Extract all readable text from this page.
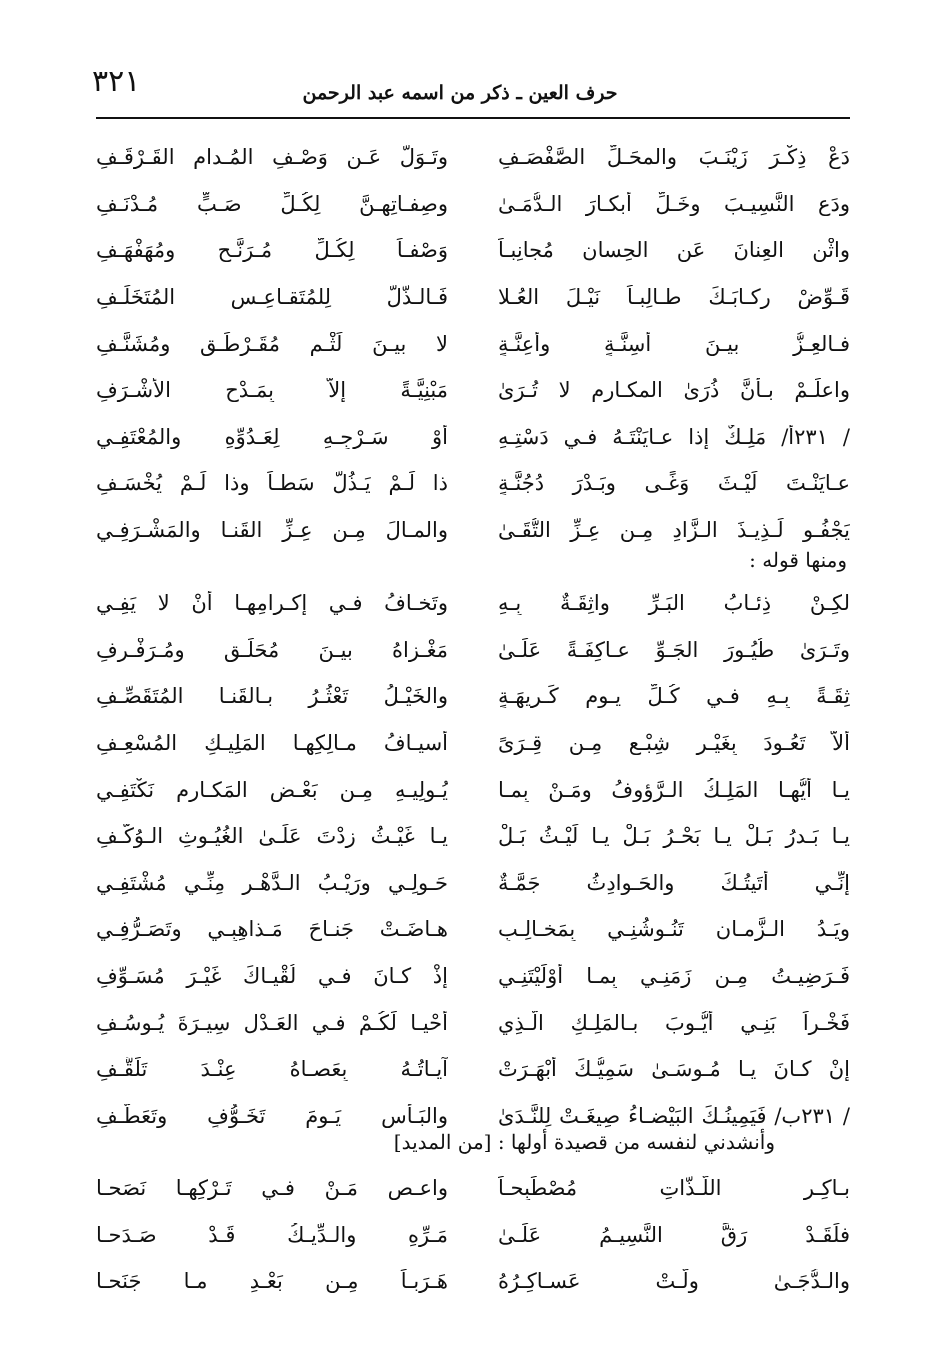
٣٢١	حرف العين ـ ذكر من اسمه عبد الرحمن
دَعْ ذِكْـرَ زَيْنَـبَ والمحَـلِّ الصَّفْصَـفِ
وتَـوَلَّ عَـن وَصْـفِ المُـدامِ القَـرْقَـفِ
ودَعِ النَّسِيـبَ وخَـلِّ أبكـارَ الـدُّمَـىٰ
وصِفـاتِهِـنَّ لِكُـلِّ صَـبٍّ مُـدْنَـفِ
واثْنِ العِنانَ عَنِ الحِسانِ مُجانِبـاً
وَصْفـاً لِكُـلِّ مُـرَنَّـحٍ ومُهَفْهَـفِ
قَـوِّضْ رِكـابَـكَ طـالِبـاً نَيْـلَ العُـلا
فَـالـذُّلُّ لِلمُتَقـاعِـسِ المُتَخَلِّـفِ
فـالعِـزُّ بيـنَ أسِنَّـةٍ وأعِنَّـةٍ
لا بيـنَ لَثْـمِ مُقَـرْطَـقٍ ومُشَنَّـفِ
واعلَـمْ بـأنَّ ذُرَىٰ المكـارمِ لا تُـرَىٰ
مَبْنِيَّـةً إلاَّ بِمَـدْحِ الأشْـرَفِ
/ ٢٣١أ/ مَلِـكٌ إذا عـايَنْتَـهُ فـي دَسْتِـهِ
أوْ سَـرْجِـهِ لِعَـدُوِّهِ والمُعْتَفِـي
عـايَنْـتَ لَيْـثَ وَغًـى وبَـدْرَ دُجُنَّـةٍ
ذا لَـمْ يَـذُلَّ سَطـاً وذا لَـمْ يُخْسَـفِ
يَجْفُـو لَـذِيـذَ الـزَّادِ مِـن عِـزِّ التُّقَـىٰ
والمـالَ مِـن عِـزِّ القَنـا والمَشْـرَفِـي
ومنها قوله :
لكِـنْ ذِئـابُ البَـرِّ واثِقَـةٌ بِـهِ
وتَخـافُ فـي إكـرامِهـا أنْ لا يَفِـي
وتَـرَىٰ طُيُـورَ الجَـوِّ عـاكِفَـةً عَلَـىٰ
مَغْـزاهُ بيـنَ مُحَلِّـقٍ ومُـرَفْـرِفِ
ثِقَـةً بِـهِ فـي كُـلِّ يـومٍ كَـرِيهَـةٍ
والخَيْـلُ تَعْثُـرُ بـالقَنـا المُتَقَصِّـفِ
ألاَّ تَعُـودَ بِغَيْـرِ شِبْـعٍ مِـن قِـرَىً
أسيـافُ مـالِكِهـا المَلِيـكِ المُسْعِـفِ
يـا أيُّهـا المَلِـكُ الـرَّؤوفُ ومَـنْ بِمـا
يُـولِيـهِ مِـن بَعْـضِ المَكـارِمِ نَكْتَفِـي
يـا بَـدرُ بَـلْ يـا بَحْـرُ بَـلْ يـا لَيْـثُ بَـلْ
يـا غَيْـثُ زِدْتَ عَلَـىٰ الغُيُـوثِ الـوُكَّـفِ
إنِّـي أتَيتُـكَ والحَـوادِثُ جَمَّـةٌ
حَـولِـي ورَيْـبُ الـدَّهْـرِ مِنِّـي مُشْتَفِـي
ويَـدُ الـزَّمـانِ تَنُـوشُنِـي بِمَخـالِـبٍ
هـاضَـتْ جَنـاحَ مَـذاهِبِـي وتَصَـرُّفِـي
فَـرَضِيـتُ مِـن زَمَنِـي بِمـا أوْلَيْتَنِـي
إذْ كـانَ فـي لُقْيـاكَ غَيْـرَ مُسَـوِّفِ
فَخْـراً بَنِـي أيُّـوبَ بـالمَلِـكِ الَّـذِي
أحْيـا لَكُـمْ فـي العَـدْلِ سِيـرَةَ يُـوسُـفِ
إنْ كـانَ يـا مُـوسَـىٰ سَمِيُّـكَ أبْهَـرَتْ
آيـاتُـهُ بِعَصـاهُ عِنْـدَ تَلَقُّـفِ
/ ٢٣١ب/ فَيَمِينُـكَ البَيْضـاءُ صِيغَـتْ لِلنَّـدَىٰ
والبَـأْسِ يَـومَ تَخَـوُّفٍ وتَعَطُّـفِ
وأنشدني لنفسه من قصيدة أولها : [من المديد]
بـاكِـرِ اللَّـذّاتِ مُصْطَبِحـاً
واعـصِ مَـنْ فـي تَـرْكِهـا نَصَحـا
فلَقَـدْ رَقَّ النَّسِيـمُ عَلَـىٰ
مَـرِّهِ والـدِّيـكُ قَـدْ صَـدَحـا
والـدُّجَـىٰ ولَّـتْ عَسـاكِـرُهُ
هَـرَبـاً مِـن بَعْـدِ مـا جَنَحـا
